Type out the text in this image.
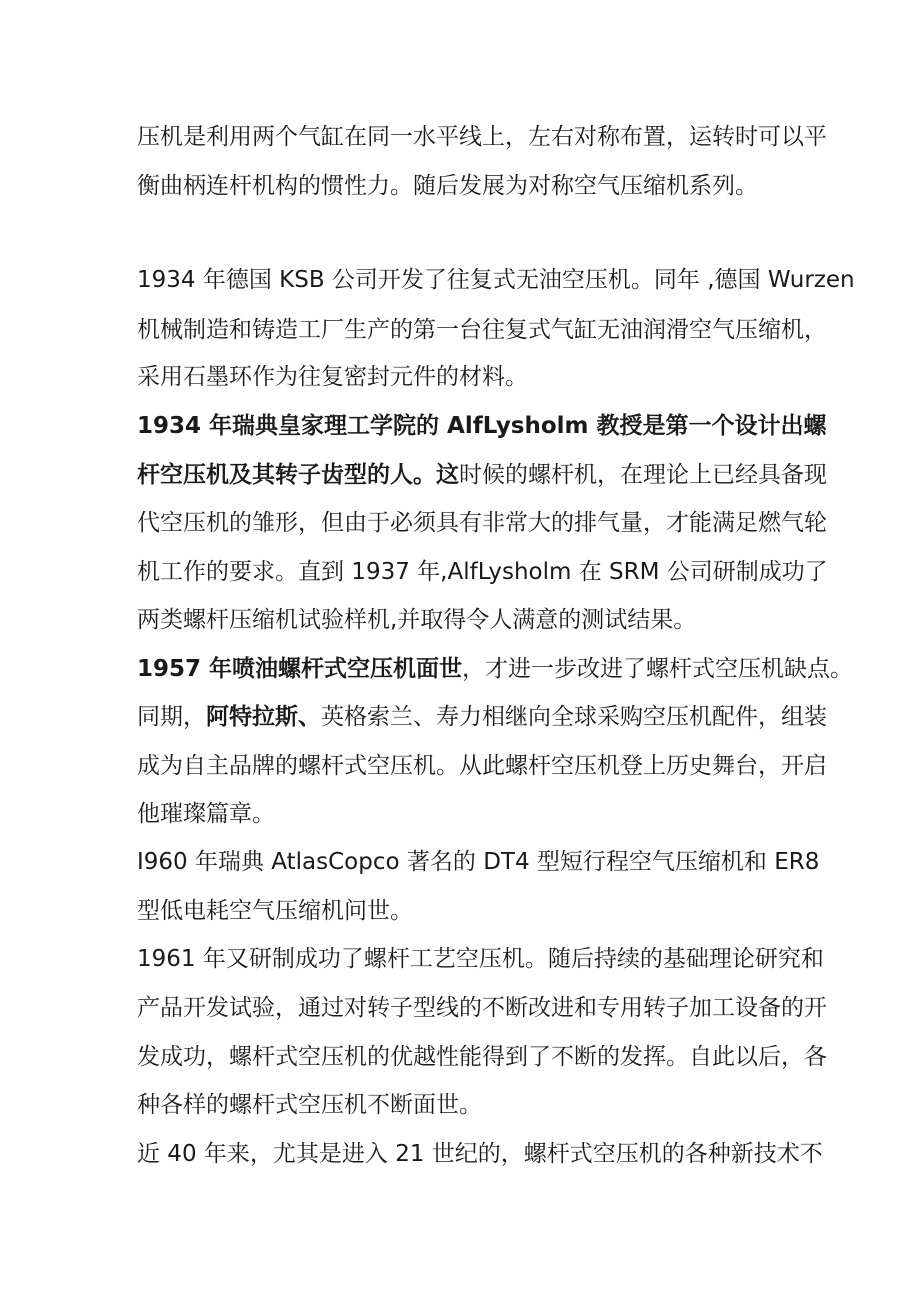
压机是利用两个气缸在同一水平线上，左右对称布置，运转时可以平
衡曲柄连杆机构的惯性力。随后发展为对称空气压缩机系列。
1934 年德国 KSB 公司开发了往复式无油空压机。同年 ,德国 Wurzen
机械制造和铸造工厂生产的第一台往复式气缸无油润滑空气压缩机，
采用石墨环作为往复密封元件的材料。
1934 年瑞典皇家理工学院的 AlfLysholm 教授是第一个设计出螺
杆空压机及其转子齿型的人。这时候的螺杆机，在理论上已经具备现
代空压机的雏形，但由于必须具有非常大的排气量，才能满足燃气轮
机工作的要求。直到 1937 年,AlfLysholm 在 SRM 公司研制成功了
两类螺杆压缩机试验样机,并取得令人满意的测试结果。
1957 年喷油螺杆式空压机面世，才进一步改进了螺杆式空压机缺点。
同期，阿特拉斯、英格索兰、寿力相继向全球采购空压机配件，组装
成为自主品牌的螺杆式空压机。从此螺杆空压机登上历史舞台，开启
他璀璨篇章。
I960 年瑞典 AtlasCopco 著名的 DT4 型短行程空气压缩机和 ER8
型低电耗空气压缩机问世。
1961 年又研制成功了螺杆工艺空压机。随后持续的基础理论研究和
产品开发试验，通过对转子型线的不断改进和专用转子加工设备的开
发成功，螺杆式空压机的优越性能得到了不断的发挥。自此以后，各
种各样的螺杆式空压机不断面世。
近 40 年来，尤其是进入 21 世纪的，螺杆式空压机的各种新技术不
